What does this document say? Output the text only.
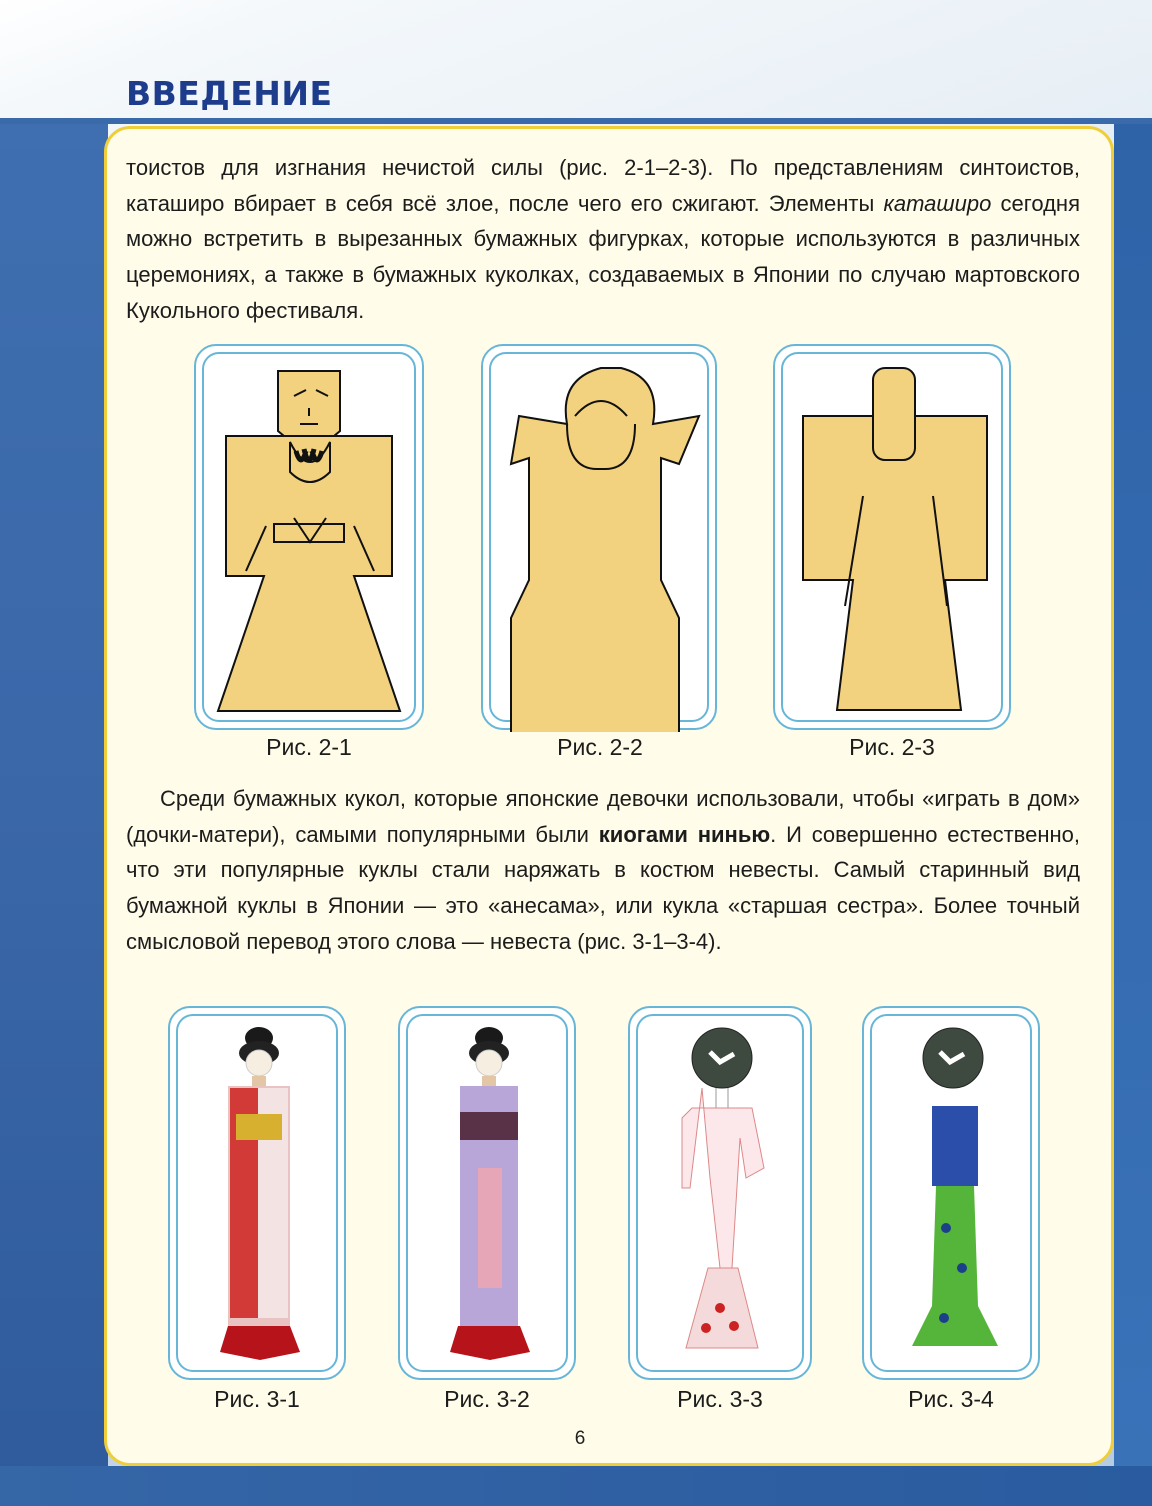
ВВЕДЕНИЕ

тоистов для изгнания нечистой силы (рис. 2-1–2-3). По представлениям синтоистов, каташиро вбирает в себя всё злое, после чего его сжигают. Элементы каташиро сегодня можно встретить в вырезанных бумажных фигурках, которые используются в различных церемониях, а также в бумажных куколках, создаваемых в Японии по случаю мартовского Кукольного фестиваля.

Рис. 2-1	Рис. 2-2	Рис. 2-3

Среди бумажных кукол, которые японские девочки использовали, чтобы «играть в дом» (дочки-матери), самыми популярными были киогами нинью. И совершенно естественно, что эти популярные куклы стали наряжать в костюм невесты. Самый старинный вид бумажной куклы в Японии — это «анесама», или кукла «старшая сестра». Более точный смысловой перевод этого слова — невеста (рис. 3-1–3-4).

Рис. 3-1	Рис. 3-2	Рис. 3-3	Рис. 3-4
6
